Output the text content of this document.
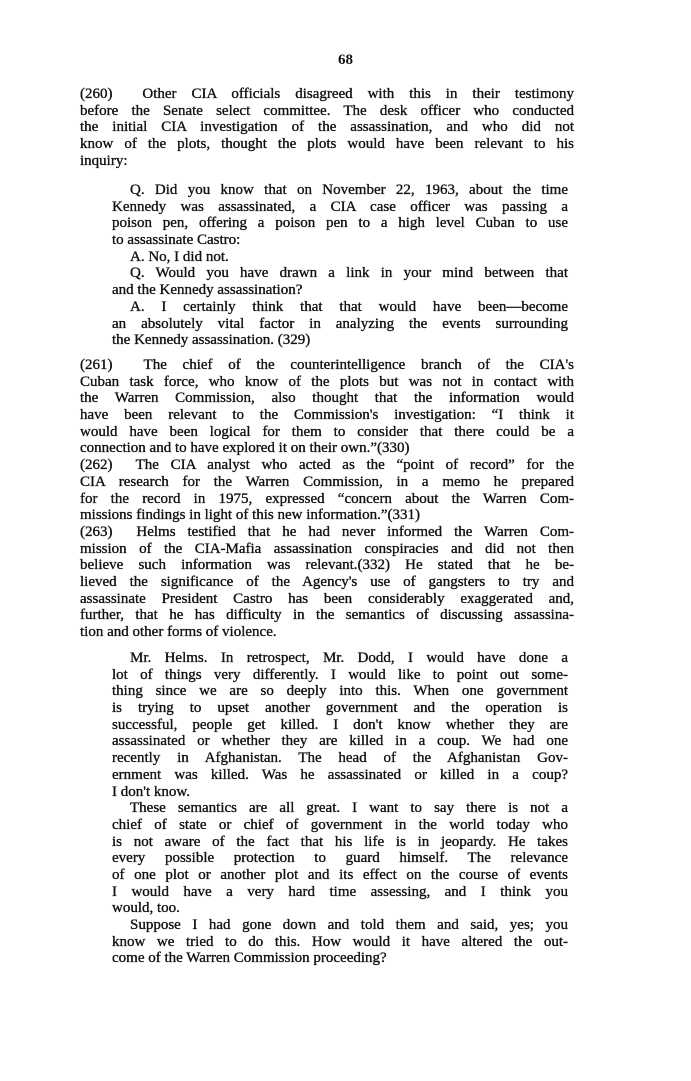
68
(260)  Other CIA officials disagreed with this in their testimony
before the Senate select committee. The desk officer who conducted
the initial CIA investigation of the assassination, and who did not
know of the plots, thought the plots would have been relevant to his
inquiry:
Q. Did you know that on November 22, 1963, about the time
Kennedy was assassinated, a CIA case officer was passing a
poison pen, offering a poison pen to a high level Cuban to use
to assassinate Castro:
A. No, I did not.
Q. Would you have drawn a link in your mind between that
and the Kennedy assassination?
A. I certainly think that that would have been—become
an absolutely vital factor in analyzing the events surrounding
the Kennedy assassination. (329)
(261)  The chief of the counterintelligence branch of the CIA's
Cuban task force, who know of the plots but was not in contact with
the Warren Commission, also thought that the information would
have been relevant to the Commission's investigation: “I think it
would have been logical for them to consider that there could be a
connection and to have explored it on their own.”(330)
(262)  The CIA analyst who acted as the “point of record” for the
CIA research for the Warren Commission, in a memo he prepared
for the record in 1975, expressed “concern about the Warren Com-
missions findings in light of this new information.”(331)
(263)  Helms testified that he had never informed the Warren Com-
mission of the CIA-Mafia assassination conspiracies and did not then
believe such information was relevant.(332) He stated that he be-
lieved the significance of the Agency's use of gangsters to try and
assassinate President Castro has been considerably exaggerated and,
further, that he has difficulty in the semantics of discussing assassina-
tion and other forms of violence.
Mr. Helms. In retrospect, Mr. Dodd, I would have done a
lot of things very differently. I would like to point out some-
thing since we are so deeply into this. When one government
is trying to upset another government and the operation is
successful, people get killed. I don't know whether they are
assassinated or whether they are killed in a coup. We had one
recently in Afghanistan. The head of the Afghanistan Gov-
ernment was killed. Was he assassinated or killed in a coup?
I don't know.
These semantics are all great. I want to say there is not a
chief of state or chief of government in the world today who
is not aware of the fact that his life is in jeopardy. He takes
every possible protection to guard himself. The relevance
of one plot or another plot and its effect on the course of events
I would have a very hard time assessing, and I think you
would, too.
Suppose I had gone down and told them and said, yes; you
know we tried to do this. How would it have altered the out-
come of the Warren Commission proceeding?
